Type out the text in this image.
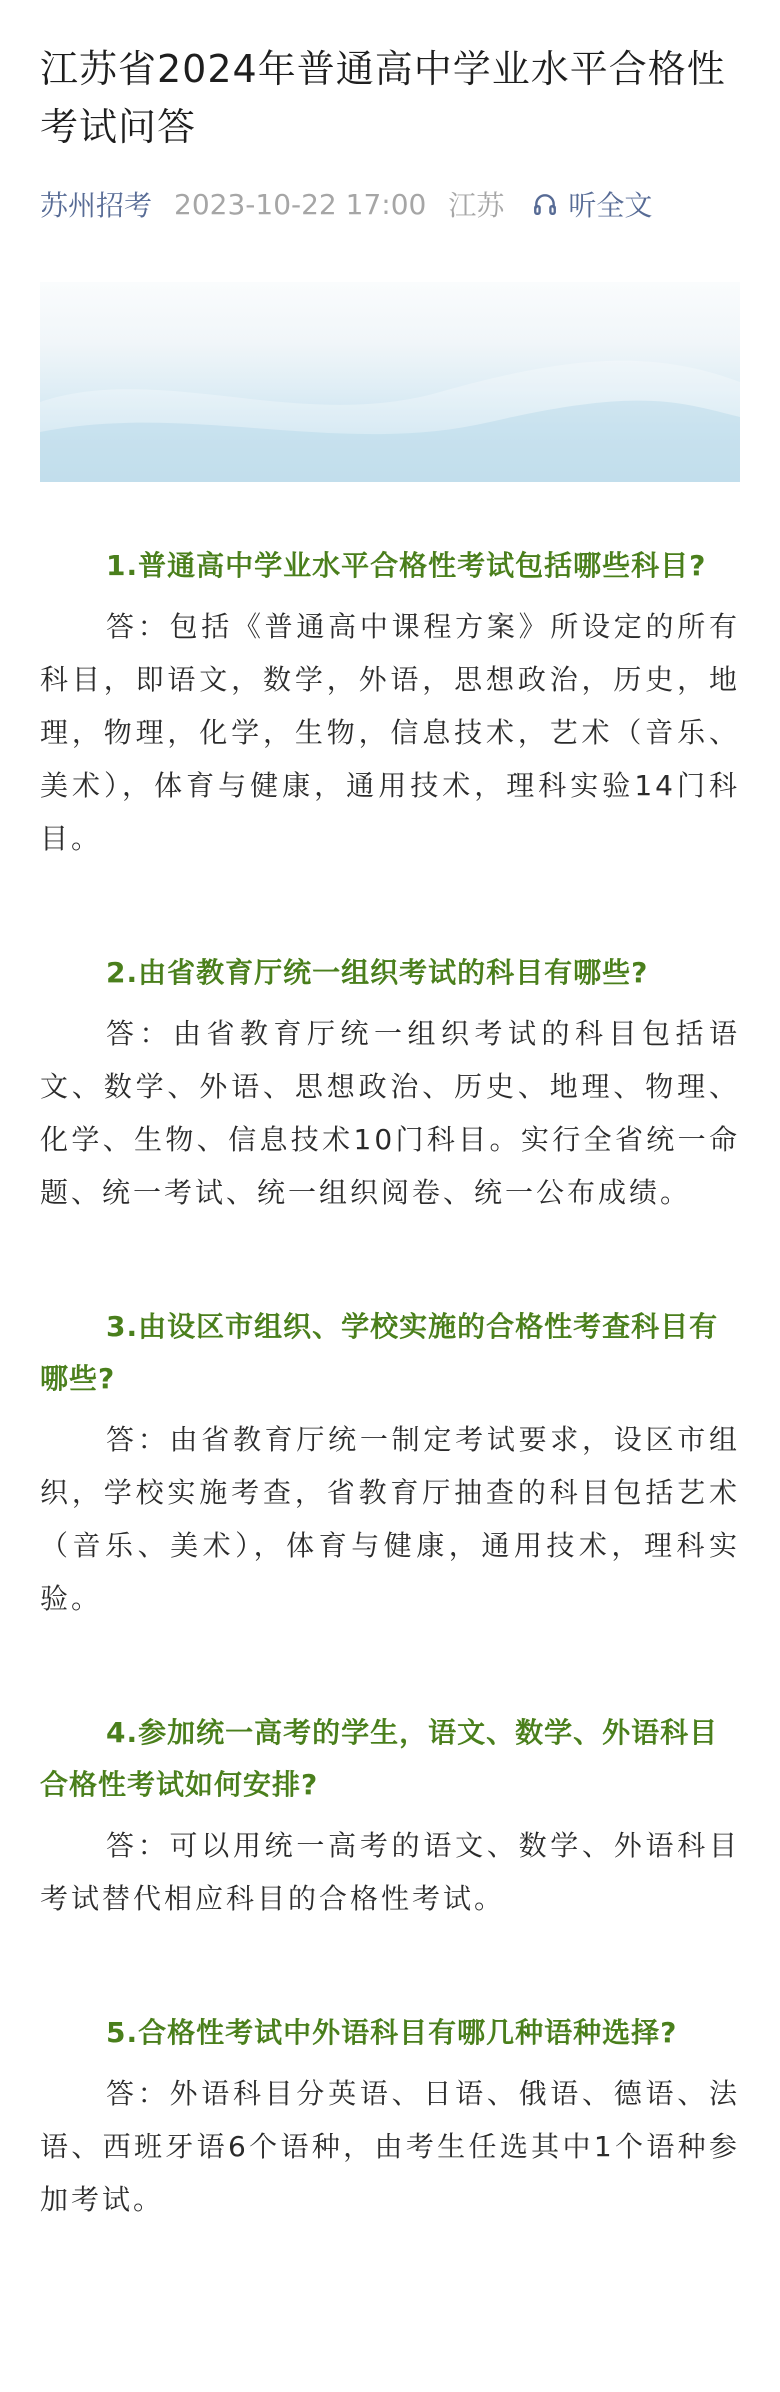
江苏省2024年普通高中学业水平合格性考试问答
苏州招考 2023-10-22 17:00 江苏 听全文

1.普通高中学业水平合格性考试包括哪些科目?

答：包括《普通高中课程方案》所设定的所有科目，即语文，数学，外语，思想政治，历史，地理，物理，化学，生物，信息技术，艺术（音乐、美术），体育与健康，通用技术，理科实验14门科目。

2.由省教育厅统一组织考试的科目有哪些?

答：由省教育厅统一组织考试的科目包括语文、数学、外语、思想政治、历史、地理、物理、化学、生物、信息技术10门科目。实行全省统一命题、统一考试、统一组织阅卷、统一公布成绩。

3.由设区市组织、学校实施的合格性考查科目有哪些?

答：由省教育厅统一制定考试要求，设区市组织，学校实施考查，省教育厅抽查的科目包括艺术（音乐、美术），体育与健康，通用技术，理科实验。

4.参加统一高考的学生，语文、数学、外语科目合格性考试如何安排?

答：可以用统一高考的语文、数学、外语科目考试替代相应科目的合格性考试。

5.合格性考试中外语科目有哪几种语种选择?

答：外语科目分英语、日语、俄语、德语、法语、西班牙语6个语种，由考生任选其中1个语种参加考试。
